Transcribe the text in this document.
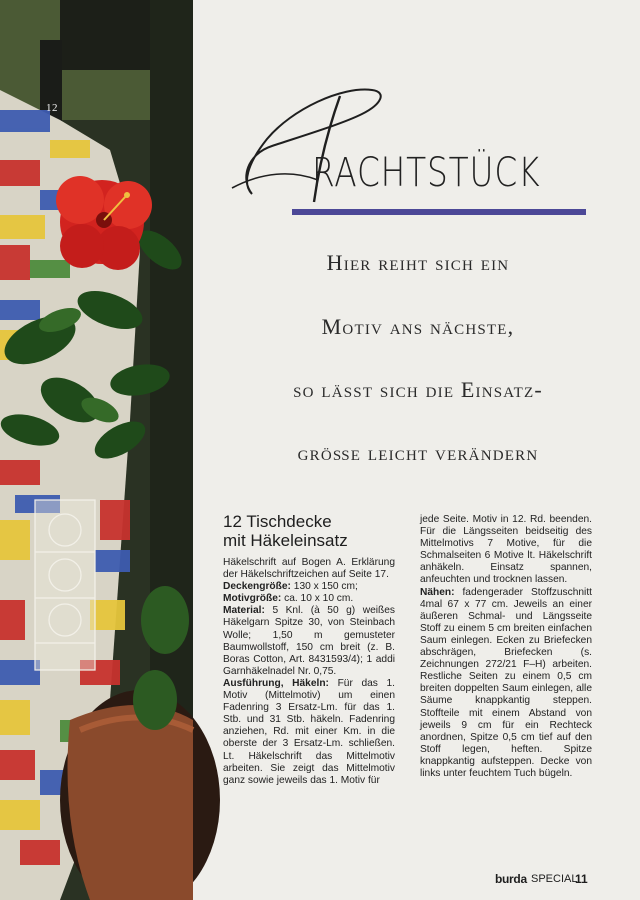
12
P
RACHTSTÜCK
Hier reiht sich ein
Motiv ans nächste,
so lässt sich die Einsatz-
größe leicht verändern
12 Tischdecke
mit Häkeleinsatz
Häkelschrift auf Bogen A. Erklärung der Häkelschriftzeichen auf Seite 17.
Deckengröße: 130 x 150 cm;
Motivgröße: ca. 10 x 10 cm.
Material: 5 Knl. (à 50 g) weißes Häkelgarn Spitze 30, von Steinbach Wolle; 1,50 m gemusteter Baumwollstoff, 150 cm breit (z. B. Boras Cotton, Art. 8431593/4); 1 addi Garnhäkelnadel Nr. 0,75.
Ausführung, Häkeln: Für das 1. Motiv (Mittelmotiv) um einen Fadenring 3 Ersatz-Lm. für das 1. Stb. und 31 Stb. häkeln. Fadenring anziehen, Rd. mit einer Km. in die oberste der 3 Ersatz-Lm. schließen. Lt. Häkelschrift das Mittelmotiv arbeiten. Sie zeigt das Mittelmotiv ganz sowie jeweils das 1. Motiv für
jede Seite. Motiv in 12. Rd. beenden. Für die Längsseiten beidseitig des Mittelmotivs 7 Motive, für die Schmalseiten 6 Motive lt. Häkelschrift anhäkeln. Einsatz spannen, anfeuchten und trocknen lassen.
Nähen: fadengerader Stoffzuschnitt 4mal 67 x 77 cm. Jeweils an einer äußeren Schmal- und Längsseite Stoff zu einem 5 cm breiten einfachen Saum einlegen. Ecken zu Briefecken abschrägen, Briefecken (s. Zeichnungen 272/21 F–H) arbeiten. Restliche Seiten zu einem 0,5 cm breiten doppelten Saum einlegen, alle Säume knappkantig steppen. Stoffteile mit einem Abstand von jeweils 9 cm für ein Rechteck anordnen, Spitze 0,5 cm tief auf den Stoff legen, heften. Spitze knappkantig aufsteppen. Decke von links unter feuchtem Tuch bügeln.
burda SPECIAL
11
